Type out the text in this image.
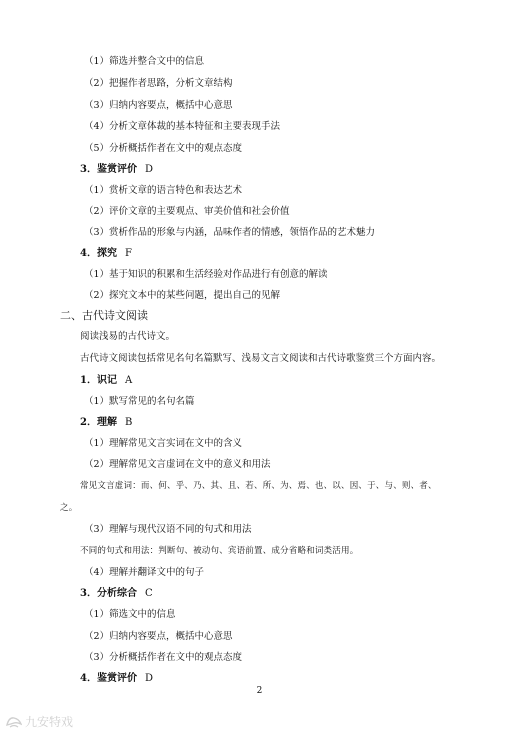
（1）筛选并整合文中的信息
（2）把握作者思路，分析文章结构
（3）归纳内容要点，概括中心意思
（4）分析文章体裁的基本特征和主要表现手法
（5）分析概括作者在文中的观点态度
3．鉴赏评价 D
（1）赏析文章的语言特色和表达艺术
（2）评价文章的主要观点、审美价值和社会价值
（3）赏析作品的形象与内涵，品味作者的情感，领悟作品的艺术魅力
4．探究 F
（1）基于知识的积累和生活经验对作品进行有创意的解读
（2）探究文本中的某些问题，提出自己的见解
二、古代诗文阅读
阅读浅易的古代诗文。
古代诗文阅读包括常见名句名篇默写、浅易文言文阅读和古代诗歌鉴赏三个方面内容。
1．识记 A
（1）默写常见的名句名篇
2．理解 B
（1）理解常见文言实词在文中的含义
（2）理解常见文言虚词在文中的意义和用法
常见文言虚词：而、何、乎、乃、其、且、若、所、为、焉、也、以、因、于、与、则、者、
之。
（3）理解与现代汉语不同的句式和用法
不同的句式和用法：判断句、被动句、宾语前置、成分省略和词类活用。
（4）理解并翻译文中的句子
3．分析综合 C
（1）筛选文中的信息
（2）归纳内容要点，概括中心意思
（3）分析概括作者在文中的观点态度
4．鉴赏评价 D
2
九安特戏
